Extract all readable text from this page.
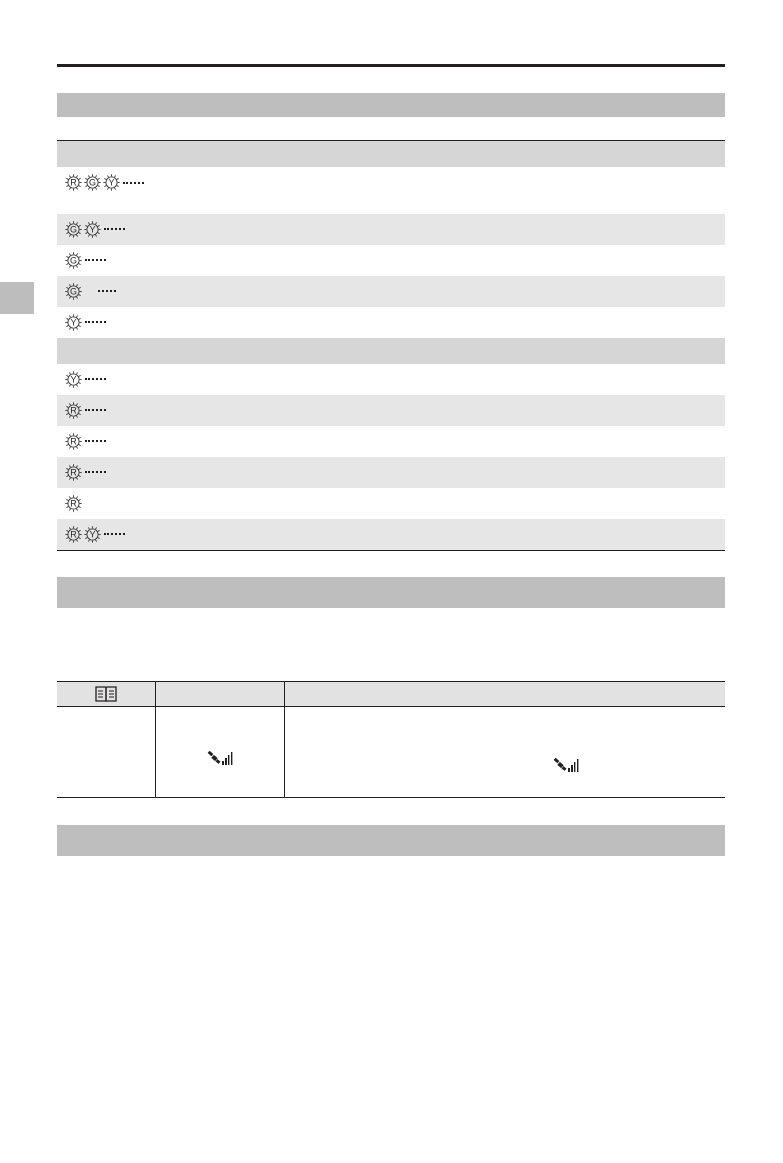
R G Y
G Y
G
G
Y
Y
R
R
R
R
R Y
